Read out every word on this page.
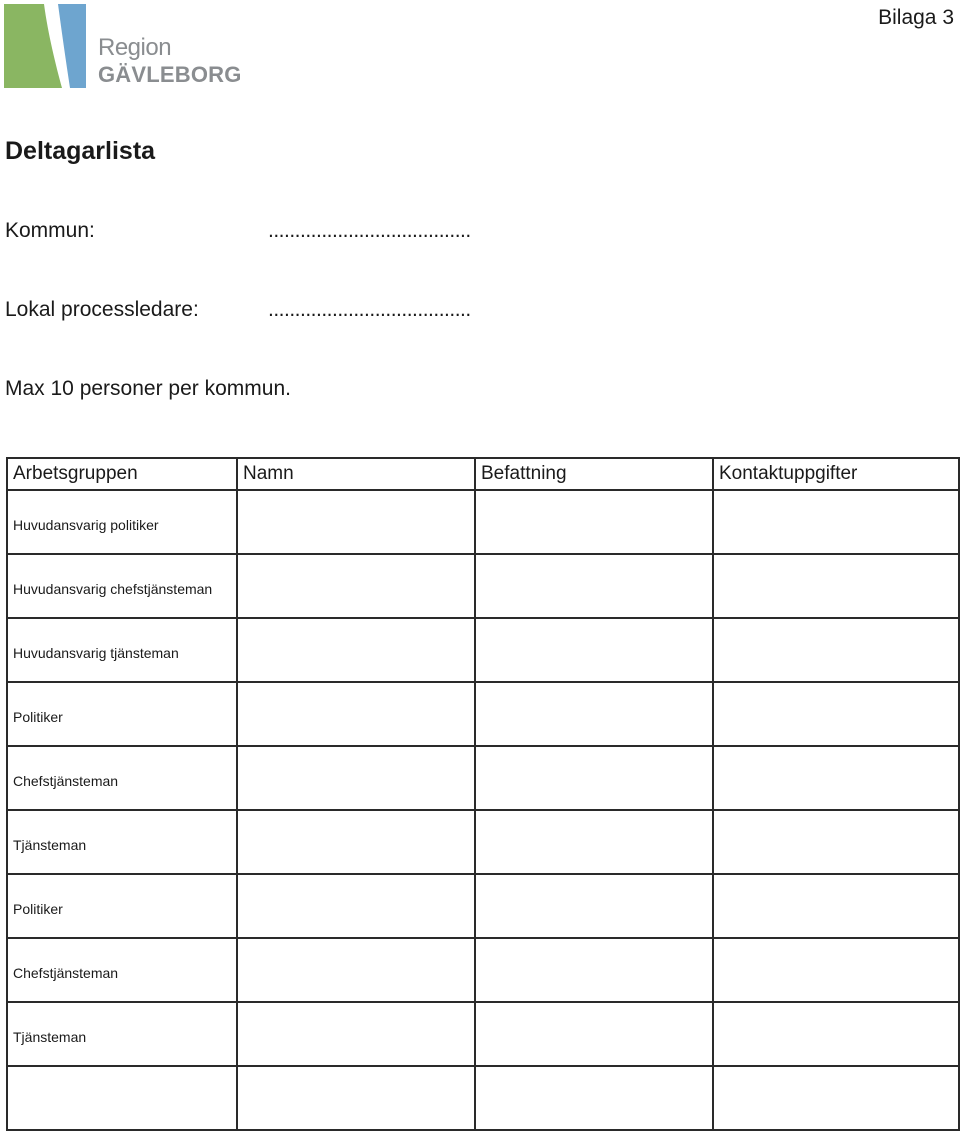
Region
GÄVLEBORG
Bilaga 3
Deltagarlista
Kommun:	......................................
Lokal processledare:	......................................
Max 10 personer per kommun.
Arbetsgruppen	Namn	Befattning	Kontaktuppgifter
Huvudansvarig politiker			
Huvudansvarig chefstjänsteman			
Huvudansvarig tjänsteman			
Politiker			
Chefstjänsteman			
Tjänsteman			
Politiker			
Chefstjänsteman			
Tjänsteman			
